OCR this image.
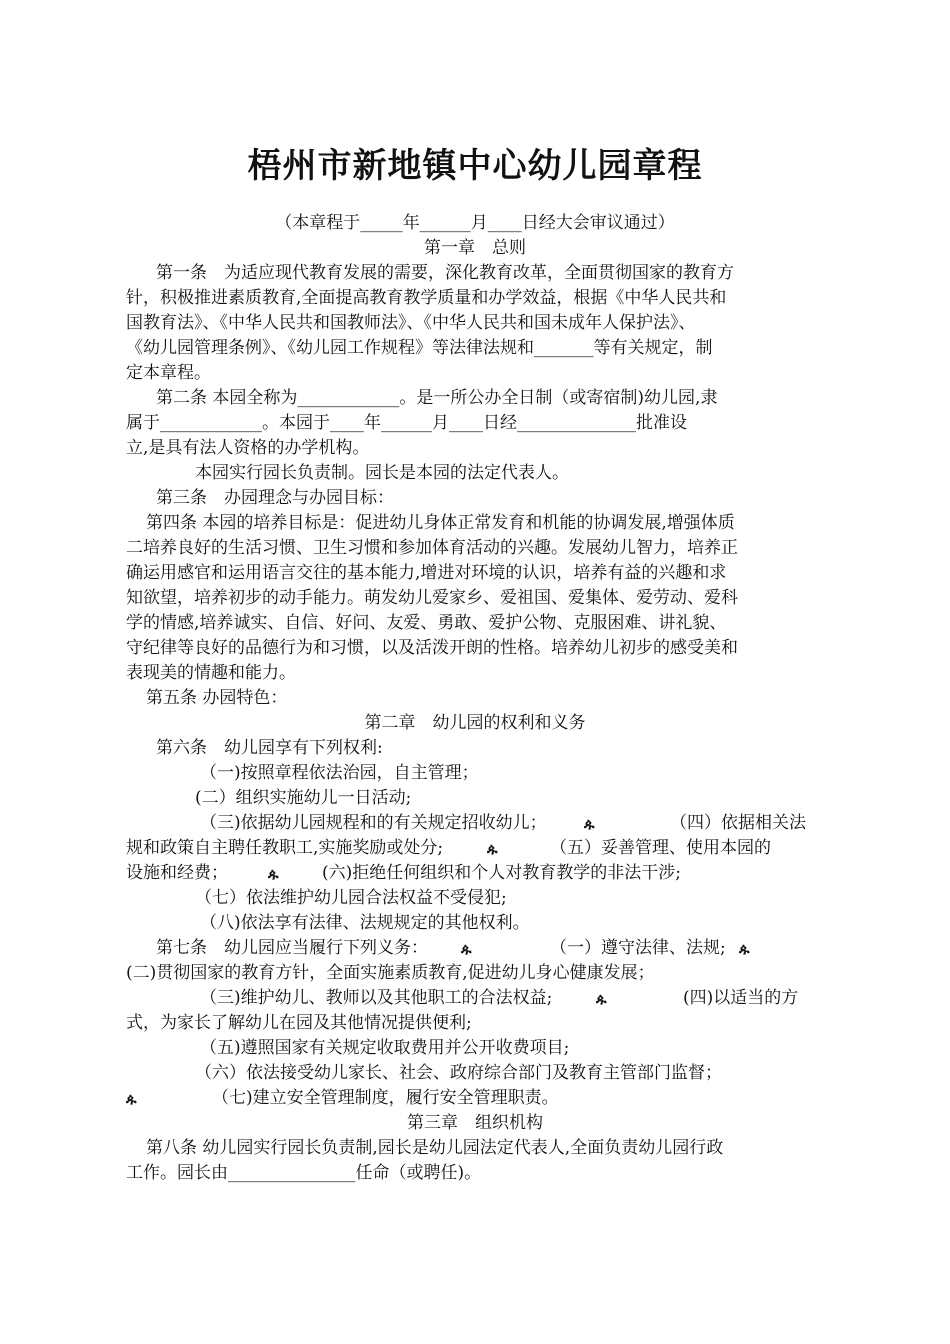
梧州市新地镇中心幼儿园章程
（本章程于_____年______月____日经大会审议通过）
第一章　总则
第一条　为适应现代教育发展的需要，深化教育改革，全面贯彻国家的教育方
针，积极推进素质教育,全面提高教育教学质量和办学效益，根据《中华人民共和
国教育法》、《中华人民共和国教师法》、《中华人民共和国未成年人保护法》、
《幼儿园管理条例》、《幼儿园工作规程》等法律法规和_______等有关规定，制
定本章程。
第二条 本园全称为____________。是一所公办全日制（或寄宿制)幼儿园,隶
属于____________。本园于____年______月____日经______________批准设
立,是具有法人资格的办学机构。
本园实行园长负责制。园长是本园的法定代表人。
第三条　办园理念与办园目标：
第四条 本园的培养目标是：促进幼儿身体正常发育和机能的协调发展,增强体质
二培养良好的生活习惯、卫生习惯和参加体育活动的兴趣。发展幼儿智力，培养正
确运用感官和运用语言交往的基本能力,增进对环境的认识，培养有益的兴趣和求
知欲望，培养初步的动手能力。萌发幼儿爱家乡、爱祖国、爱集体、爱劳动、爱科
学的情感,培养诚实、自信、好问、友爱、勇敢、爱护公物、克服困难、讲礼貌、
守纪律等良好的品德行为和习惯，以及活泼开朗的性格。培养幼儿初步的感受美和
表现美的情趣和能力。
第五条 办园特色：
第二章　幼儿园的权利和义务
第六条　幼儿园享有下列权利:
（一)按照章程依法治园，自主管理；
(二）组织实施幼儿一日活动;
（三)依据幼儿园规程和的有关规定招收幼儿；	ዹ	（四）依据相关法
规和政策自主聘任教职工,实施奖励或处分;	ዹ	（五）妥善管理、使用本园的
设施和经费；	ዹ	(六)拒绝任何组织和个人对教育教学的非法干涉;
（七）依法维护幼儿园合法权益不受侵犯;
（八)依法享有法律、法规规定的其他权利。
第七条　幼儿园应当履行下列义务： ዹ	（一）遵守法律、法规; ዹ
(二)贯彻国家的教育方针，全面实施素质教育,促进幼儿身心健康发展；
（三)维护幼儿、教师以及其他职工的合法权益;	ዹ	(四)以适当的方
式，为家长了解幼儿在园及其他情况提供便利;
（五)遵照国家有关规定收取费用并公开收费项目;
（六）依法接受幼儿家长、社会、政府综合部门及教育主管部门监督；
ዹ	（七)建立安全管理制度，履行安全管理职责。
第三章　组织机构
第八条 幼儿园实行园长负责制,园长是幼儿园法定代表人,全面负责幼儿园行政
工作。园长由_______________任命（或聘任)。
